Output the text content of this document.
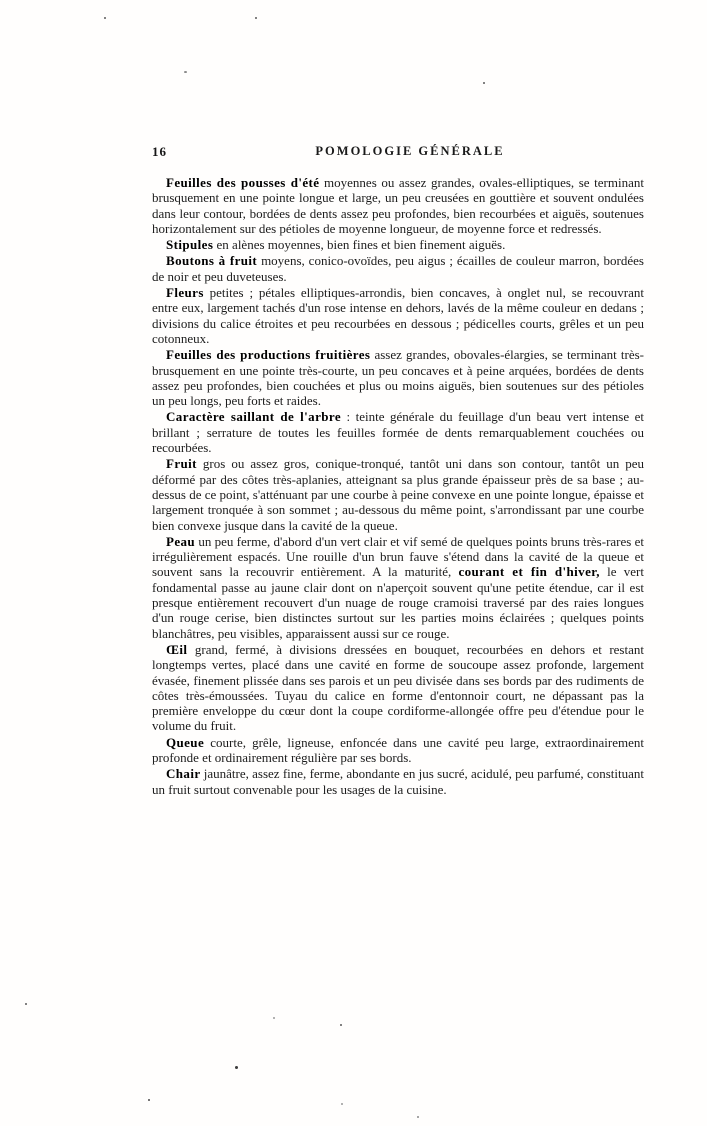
16	POMOLOGIE GÉNÉRALE

Feuilles des pousses d'été moyennes ou assez grandes, ovales-elliptiques, se terminant brusquement en une pointe longue et large, un peu creusées en gouttière et souvent ondulées dans leur contour, bordées de dents assez peu profondes, bien recourbées et aiguës, soutenues horizontalement sur des pétioles de moyenne longueur, de moyenne force et redressés.

Stipules en alènes moyennes, bien fines et bien finement aiguës.

Boutons à fruit moyens, conico-ovoïdes, peu aigus ; écailles de couleur marron, bordées de noir et peu duveteuses.

Fleurs petites ; pétales elliptiques-arrondis, bien concaves, à onglet nul, se recouvrant entre eux, largement tachés d'un rose intense en dehors, lavés de la même couleur en dedans ; divisions du calice étroites et peu recourbées en dessous ; pédicelles courts, grêles et un peu cotonneux.

Feuilles des productions fruitières assez grandes, obovales-élargies, se terminant très-brusquement en une pointe très-courte, un peu concaves et à peine arquées, bordées de dents assez peu profondes, bien couchées et plus ou moins aiguës, bien soutenues sur des pétioles un peu longs, peu forts et raides.

Caractère saillant de l'arbre : teinte générale du feuillage d'un beau vert intense et brillant ; serrature de toutes les feuilles formée de dents remarquablement couchées ou recourbées.

Fruit gros ou assez gros, conique-tronqué, tantôt uni dans son contour, tantôt un peu déformé par des côtes très-aplanies, atteignant sa plus grande épaisseur près de sa base ; au-dessus de ce point, s'atténuant par une courbe à peine convexe en une pointe longue, épaisse et largement tronquée à son sommet ; au-dessous du même point, s'arrondissant par une courbe bien convexe jusque dans la cavité de la queue.

Peau un peu ferme, d'abord d'un vert clair et vif semé de quelques points bruns très-rares et irrégulièrement espacés. Une rouille d'un brun fauve s'étend dans la cavité de la queue et souvent sans la recouvrir entièrement. A la maturité, courant et fin d'hiver, le vert fondamental passe au jaune clair dont on n'aperçoit souvent qu'une petite étendue, car il est presque entièrement recouvert d'un nuage de rouge cramoisi traversé par des raies longues d'un rouge cerise, bien distinctes surtout sur les parties moins éclairées ; quelques points blanchâtres, peu visibles, apparaissent aussi sur ce rouge.

Œil grand, fermé, à divisions dressées en bouquet, recourbées en dehors et restant longtemps vertes, placé dans une cavité en forme de soucoupe assez profonde, largement évasée, finement plissée dans ses parois et un peu divisée dans ses bords par des rudiments de côtes très-émoussées. Tuyau du calice en forme d'entonnoir court, ne dépassant pas la première enveloppe du cœur dont la coupe cordiforme-allongée offre peu d'étendue pour le volume du fruit.

Queue courte, grêle, ligneuse, enfoncée dans une cavité peu large, extraordinairement profonde et ordinairement régulière par ses bords.

Chair jaunâtre, assez fine, ferme, abondante en jus sucré, acidulé, peu parfumé, constituant un fruit surtout convenable pour les usages de la cuisine.
